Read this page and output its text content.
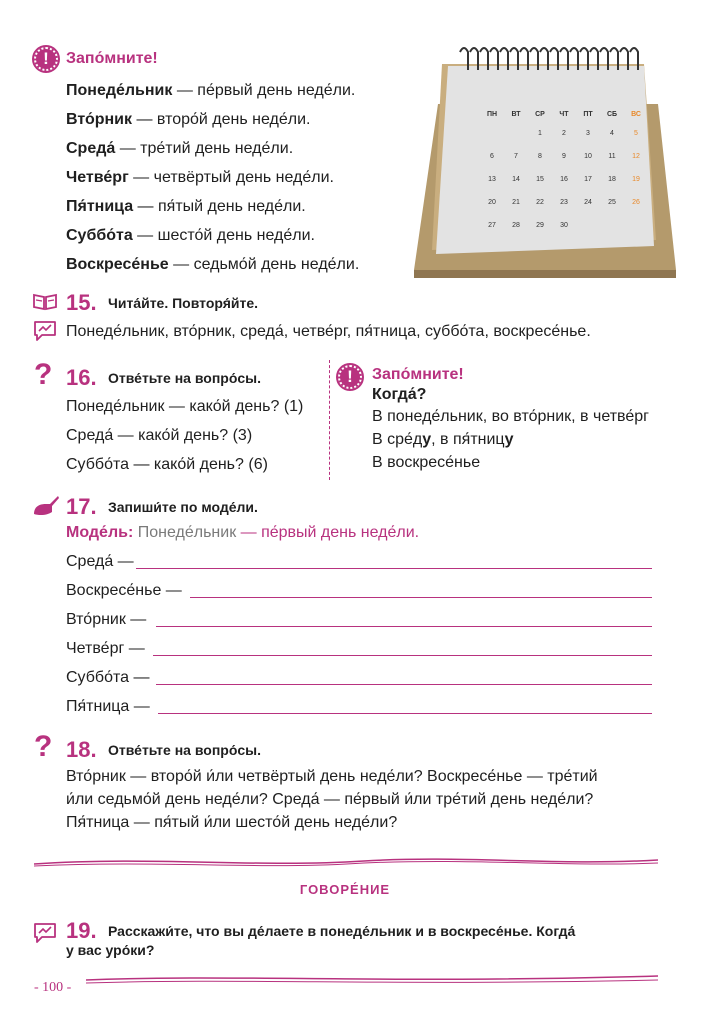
!	Запо́мните!
Понеде́льник — пе́рвый день неде́ли.
Вто́рник — второ́й день неде́ли.
Среда́ — тре́тий день неде́ли.
Четве́рг — четвёртый день неде́ли.
Пя́тница — пя́тый день неде́ли.
Суббо́та — шесто́й день неде́ли.
Воскресе́нье — седьмо́й день неде́ли.
ПН	ВТ	СР	ЧТ	ПТ	СБ	ВС
		1	2	3	4	5
6	7	8	9	10	11	12
13	14	15	16	17	18	19
20	21	22	23	24	25	26
27	28	29	30			
15. Чита́йте. Повторя́йте.
Понеде́льник, вто́рник, среда́, четве́рг, пя́тница, суббо́та, воскресе́нье.
? 16. Отве́тьте на вопро́сы.
Понеде́льник — како́й день? (1)
Среда́ — како́й день? (3)
Суббо́та — како́й день? (6)
!	Запо́мните!
Когда́?
В понеде́льник, во вто́рник, в четве́рг
В сре́ду, в пя́тницу
В воскресе́нье
17. Запиши́те по моде́ли.
Моде́ль: Понеде́льник — пе́рвый день неде́ли.
Среда́ —
Воскресе́нье —
Вто́рник —
Четве́рг —
Суббо́та —
Пя́тница —
? 18. Отве́тьте на вопро́сы.
Вто́рник — второ́й и́ли четвёртый день неде́ли? Воскресе́нье — тре́тий
и́ли седьмо́й день неде́ли? Среда́ — пе́рвый и́ли тре́тий день неде́ли?
Пя́тница — пя́тый и́ли шесто́й день неде́ли?
ГОВОРЕ́НИЕ
19. Расскажи́те, что вы де́лаете в понеде́льник и в воскресе́нье. Когда́
у вас уро́ки?
- 100 -
